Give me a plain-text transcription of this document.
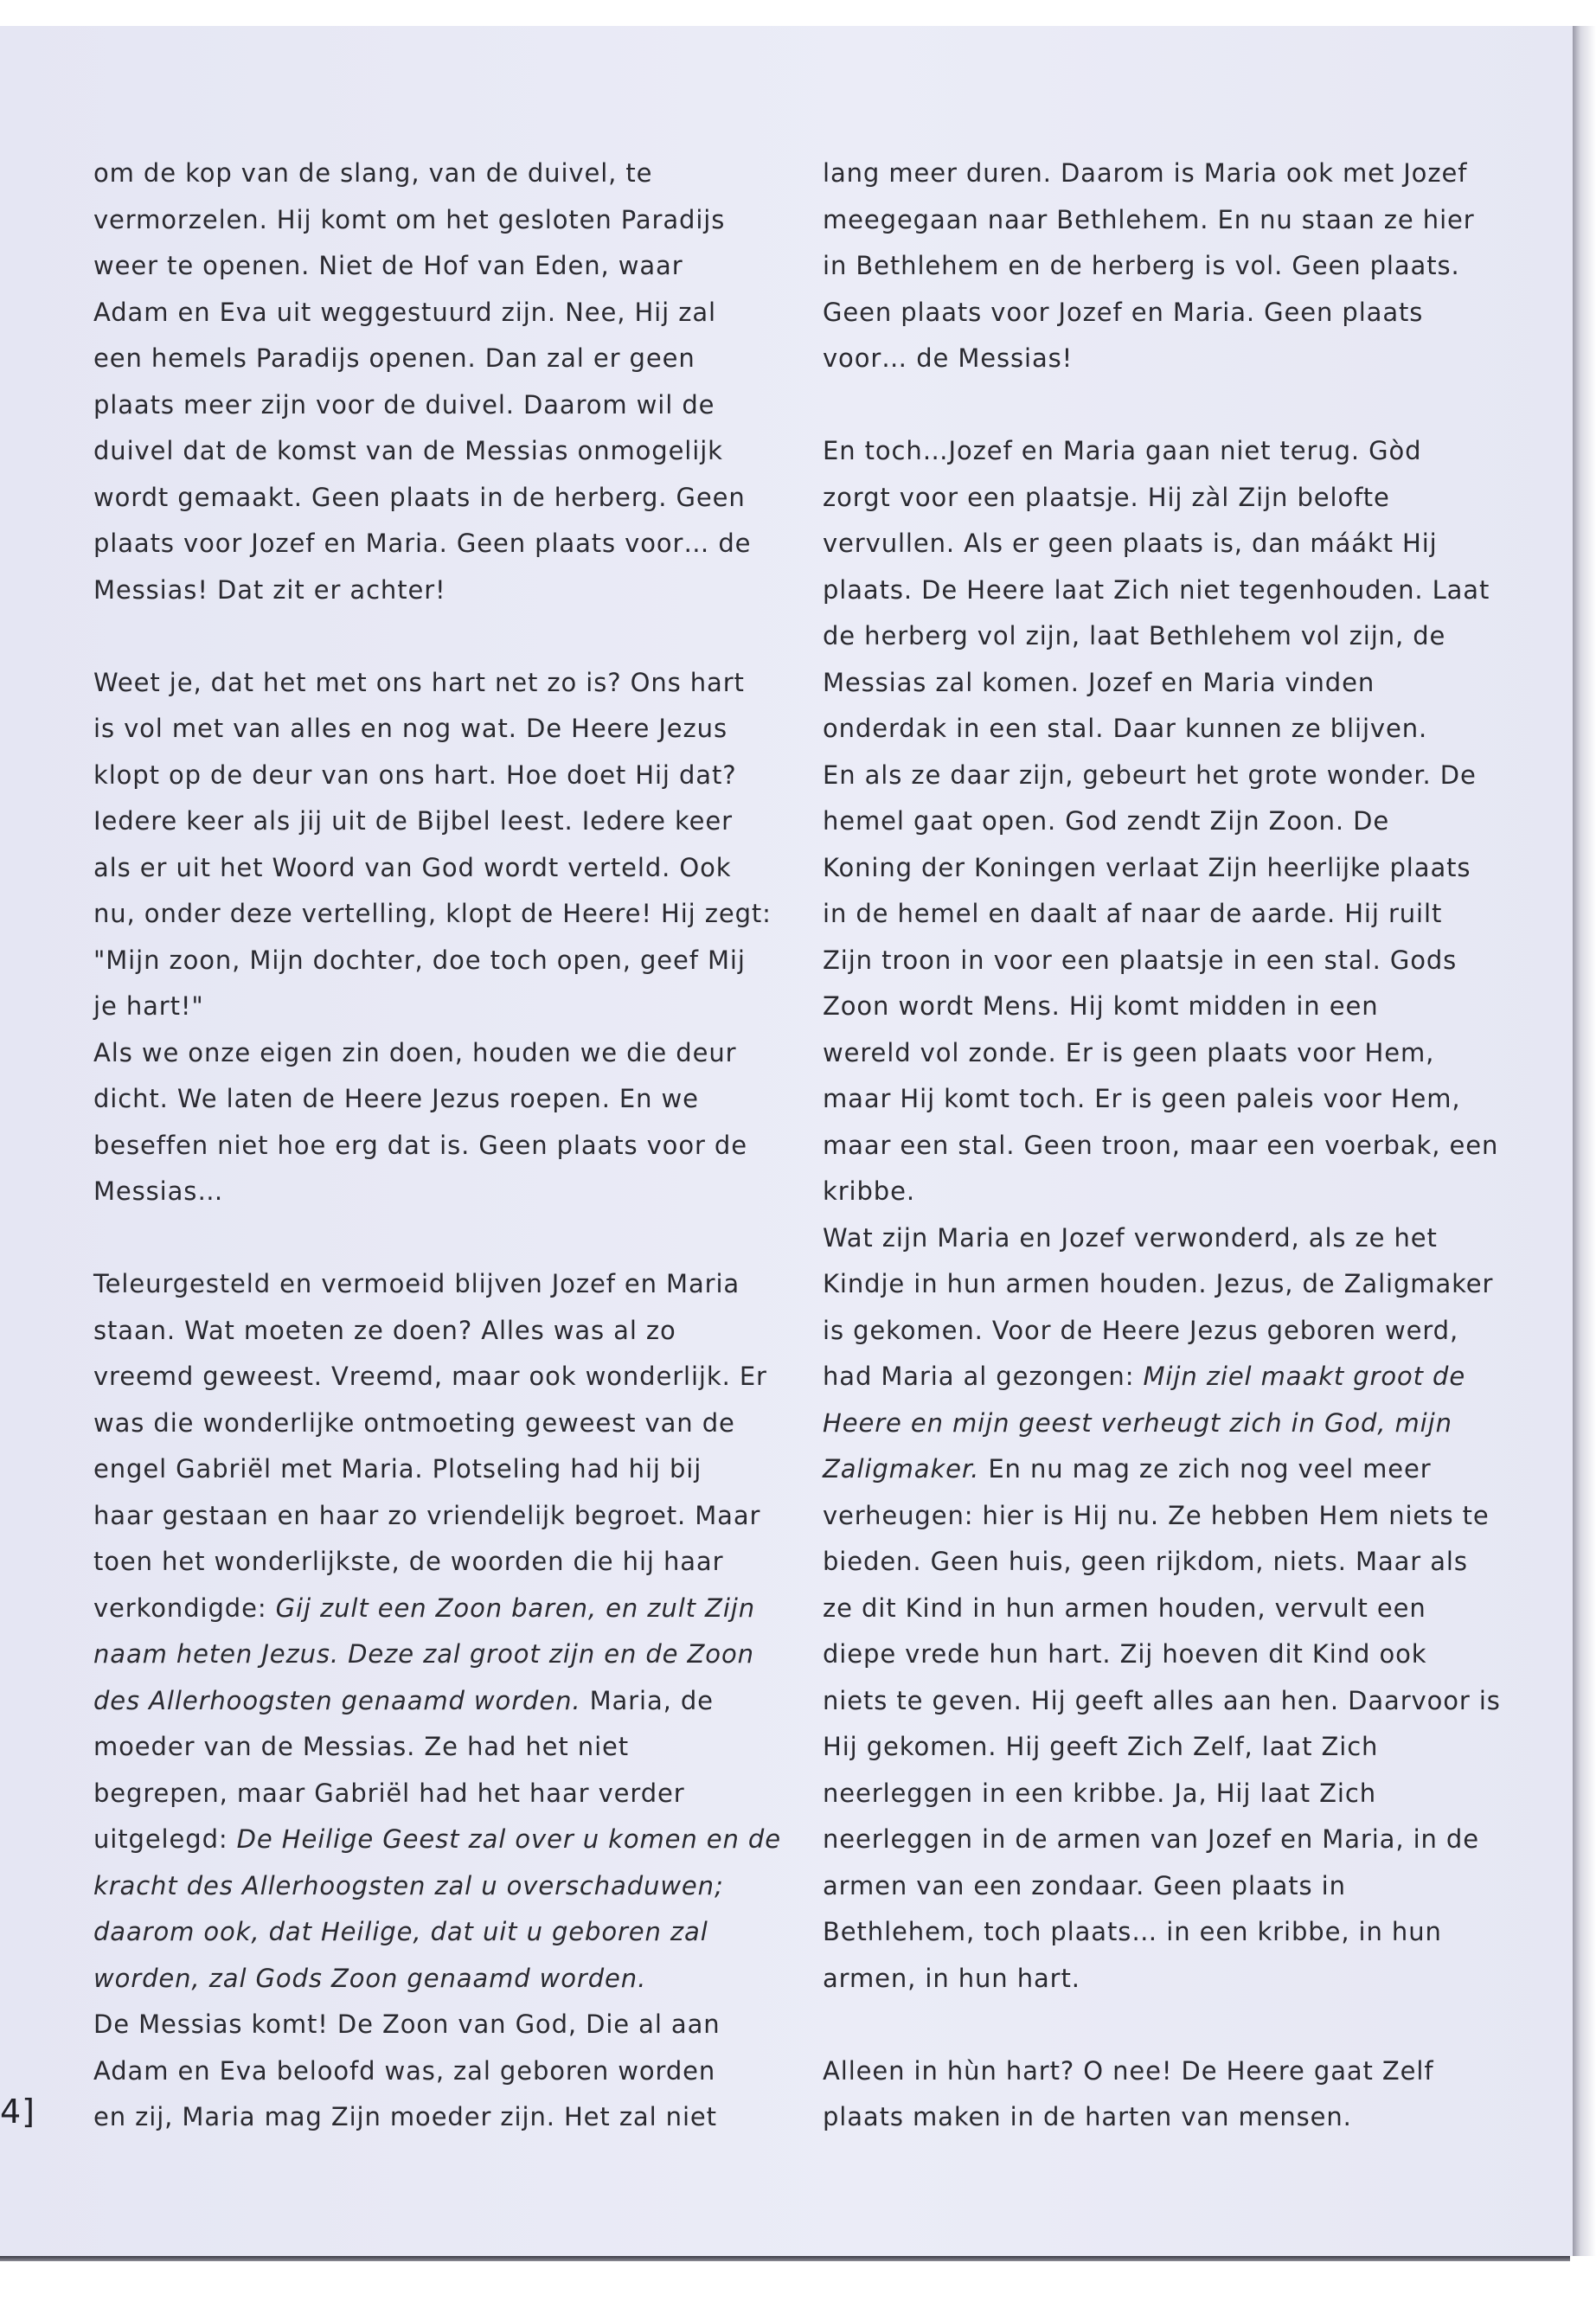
4]

om de kop van de slang, van de duivel, te
vermorzelen. Hij komt om het gesloten Paradijs
weer te openen. Niet de Hof van Eden, waar
Adam en Eva uit weggestuurd zijn. Nee, Hij zal
een hemels Paradijs openen. Dan zal er geen
plaats meer zijn voor de duivel. Daarom wil de
duivel dat de komst van de Messias onmogelijk
wordt gemaakt. Geen plaats in de herberg. Geen
plaats voor Jozef en Maria. Geen plaats voor… de
Messias! Dat zit er achter!

Weet je, dat het met ons hart net zo is? Ons hart
is vol met van alles en nog wat. De Heere Jezus
klopt op de deur van ons hart. Hoe doet Hij dat?
Iedere keer als jij uit de Bijbel leest. Iedere keer
als er uit het Woord van God wordt verteld. Ook
nu, onder deze vertelling, klopt de Heere! Hij zegt:
"Mijn zoon, Mijn dochter, doe toch open, geef Mij
je hart!"
Als we onze eigen zin doen, houden we die deur
dicht. We laten de Heere Jezus roepen. En we
beseffen niet hoe erg dat is. Geen plaats voor de
Messias…

Teleurgesteld en vermoeid blijven Jozef en Maria
staan. Wat moeten ze doen? Alles was al zo
vreemd geweest. Vreemd, maar ook wonderlijk. Er
was die wonderlijke ontmoeting geweest van de
engel Gabriël met Maria. Plotseling had hij bij
haar gestaan en haar zo vriendelijk begroet. Maar
toen het wonderlijkste, de woorden die hij haar
verkondigde: Gij zult een Zoon baren, en zult Zijn
naam heten Jezus. Deze zal groot zijn en de Zoon
des Allerhoogsten genaamd worden. Maria, de
moeder van de Messias. Ze had het niet
begrepen, maar Gabriël had het haar verder
uitgelegd: De Heilige Geest zal over u komen en de
kracht des Allerhoogsten zal u overschaduwen;
daarom ook, dat Heilige, dat uit u geboren zal
worden, zal Gods Zoon genaamd worden.
De Messias komt! De Zoon van God, Die al aan
Adam en Eva beloofd was, zal geboren worden
en zij, Maria mag Zijn moeder zijn. Het zal niet

lang meer duren. Daarom is Maria ook met Jozef
meegegaan naar Bethlehem. En nu staan ze hier
in Bethlehem en de herberg is vol. Geen plaats.
Geen plaats voor Jozef en Maria. Geen plaats
voor… de Messias!

En toch…Jozef en Maria gaan niet terug. Gòd
zorgt voor een plaatsje. Hij zàl Zijn belofte
vervullen. Als er geen plaats is, dan máákt Hij
plaats. De Heere laat Zich niet tegenhouden. Laat
de herberg vol zijn, laat Bethlehem vol zijn, de
Messias zal komen. Jozef en Maria vinden
onderdak in een stal. Daar kunnen ze blijven.
En als ze daar zijn, gebeurt het grote wonder. De
hemel gaat open. God zendt Zijn Zoon. De
Koning der Koningen verlaat Zijn heerlijke plaats
in de hemel en daalt af naar de aarde. Hij ruilt
Zijn troon in voor een plaatsje in een stal. Gods
Zoon wordt Mens. Hij komt midden in een
wereld vol zonde. Er is geen plaats voor Hem,
maar Hij komt toch. Er is geen paleis voor Hem,
maar een stal. Geen troon, maar een voerbak, een
kribbe.
Wat zijn Maria en Jozef verwonderd, als ze het
Kindje in hun armen houden. Jezus, de Zaligmaker
is gekomen. Voor de Heere Jezus geboren werd,
had Maria al gezongen: Mijn ziel maakt groot de
Heere en mijn geest verheugt zich in God, mijn
Zaligmaker. En nu mag ze zich nog veel meer
verheugen: hier is Hij nu. Ze hebben Hem niets te
bieden. Geen huis, geen rijkdom, niets. Maar als
ze dit Kind in hun armen houden, vervult een
diepe vrede hun hart. Zij hoeven dit Kind ook
niets te geven. Hij geeft alles aan hen. Daarvoor is
Hij gekomen. Hij geeft Zich Zelf, laat Zich
neerleggen in een kribbe. Ja, Hij laat Zich
neerleggen in de armen van Jozef en Maria, in de
armen van een zondaar. Geen plaats in
Bethlehem, toch plaats… in een kribbe, in hun
armen, in hun hart.

Alleen in hùn hart? O nee! De Heere gaat Zelf
plaats maken in de harten van mensen.
